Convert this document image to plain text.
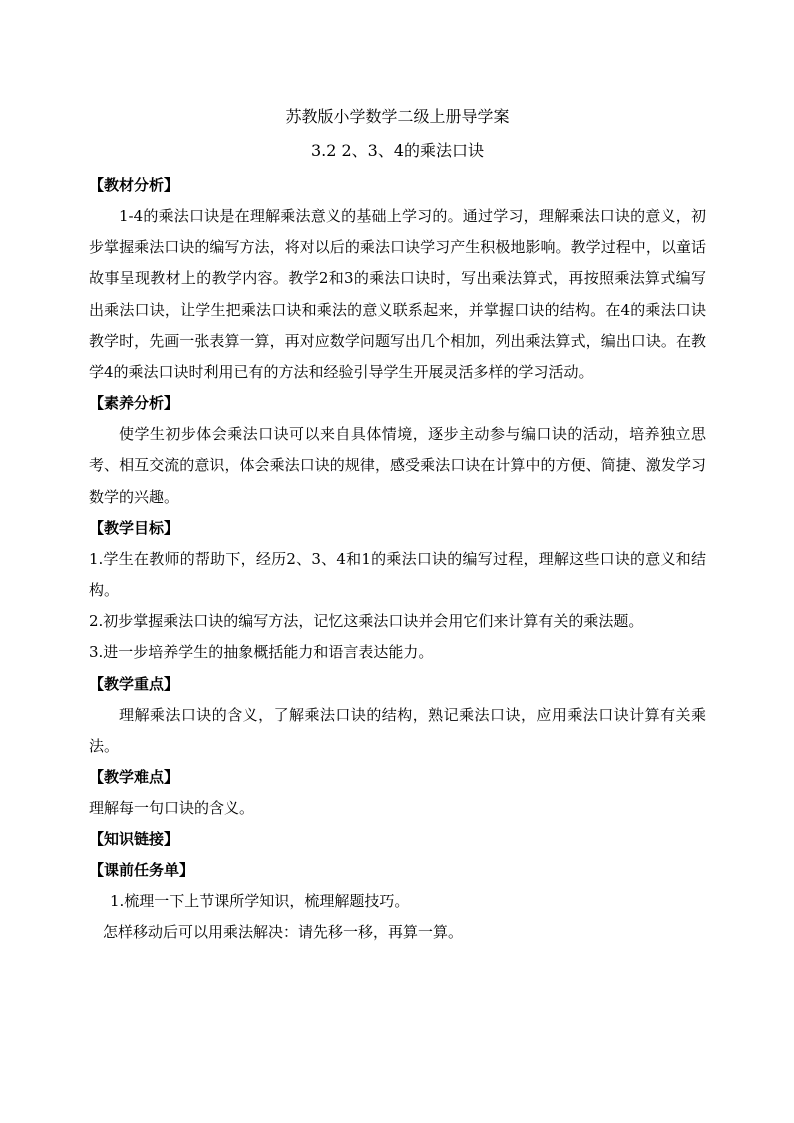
苏教版小学数学二级上册导学案

3.2 2、3、4的乘法口诀

【教材分析】

1-4的乘法口诀是在理解乘法意义的基础上学习的。通过学习，理解乘法口诀的意义，初步掌握乘法口诀的编写方法，将对以后的乘法口诀学习产生积极地影响。教学过程中，以童话故事呈现教材上的教学内容。教学2和3的乘法口诀时，写出乘法算式，再按照乘法算式编写出乘法口诀，让学生把乘法口诀和乘法的意义联系起来，并掌握口诀的结构。在4的乘法口诀教学时，先画一张表算一算，再对应数学问题写出几个相加，列出乘法算式，编出口诀。在教学4的乘法口诀时利用已有的方法和经验引导学生开展灵活多样的学习活动。

【素养分析】

使学生初步体会乘法口诀可以来自具体情境，逐步主动参与编口诀的活动，培养独立思考、相互交流的意识，体会乘法口诀的规律，感受乘法口诀在计算中的方便、简捷、激发学习数学的兴趣。

【教学目标】

1.学生在教师的帮助下，经历2、3、4和1的乘法口诀的编写过程，理解这些口诀的意义和结构。

2.初步掌握乘法口诀的编写方法，记忆这乘法口诀并会用它们来计算有关的乘法题。

3.进一步培养学生的抽象概括能力和语言表达能力。

【教学重点】

理解乘法口诀的含义，了解乘法口诀的结构，熟记乘法口诀，应用乘法口诀计算有关乘法。

【教学难点】

理解每一句口诀的含义。

【知识链接】

【课前任务单】

1.梳理一下上节课所学知识，梳理解题技巧。

怎样移动后可以用乘法解决：请先移一移，再算一算。
